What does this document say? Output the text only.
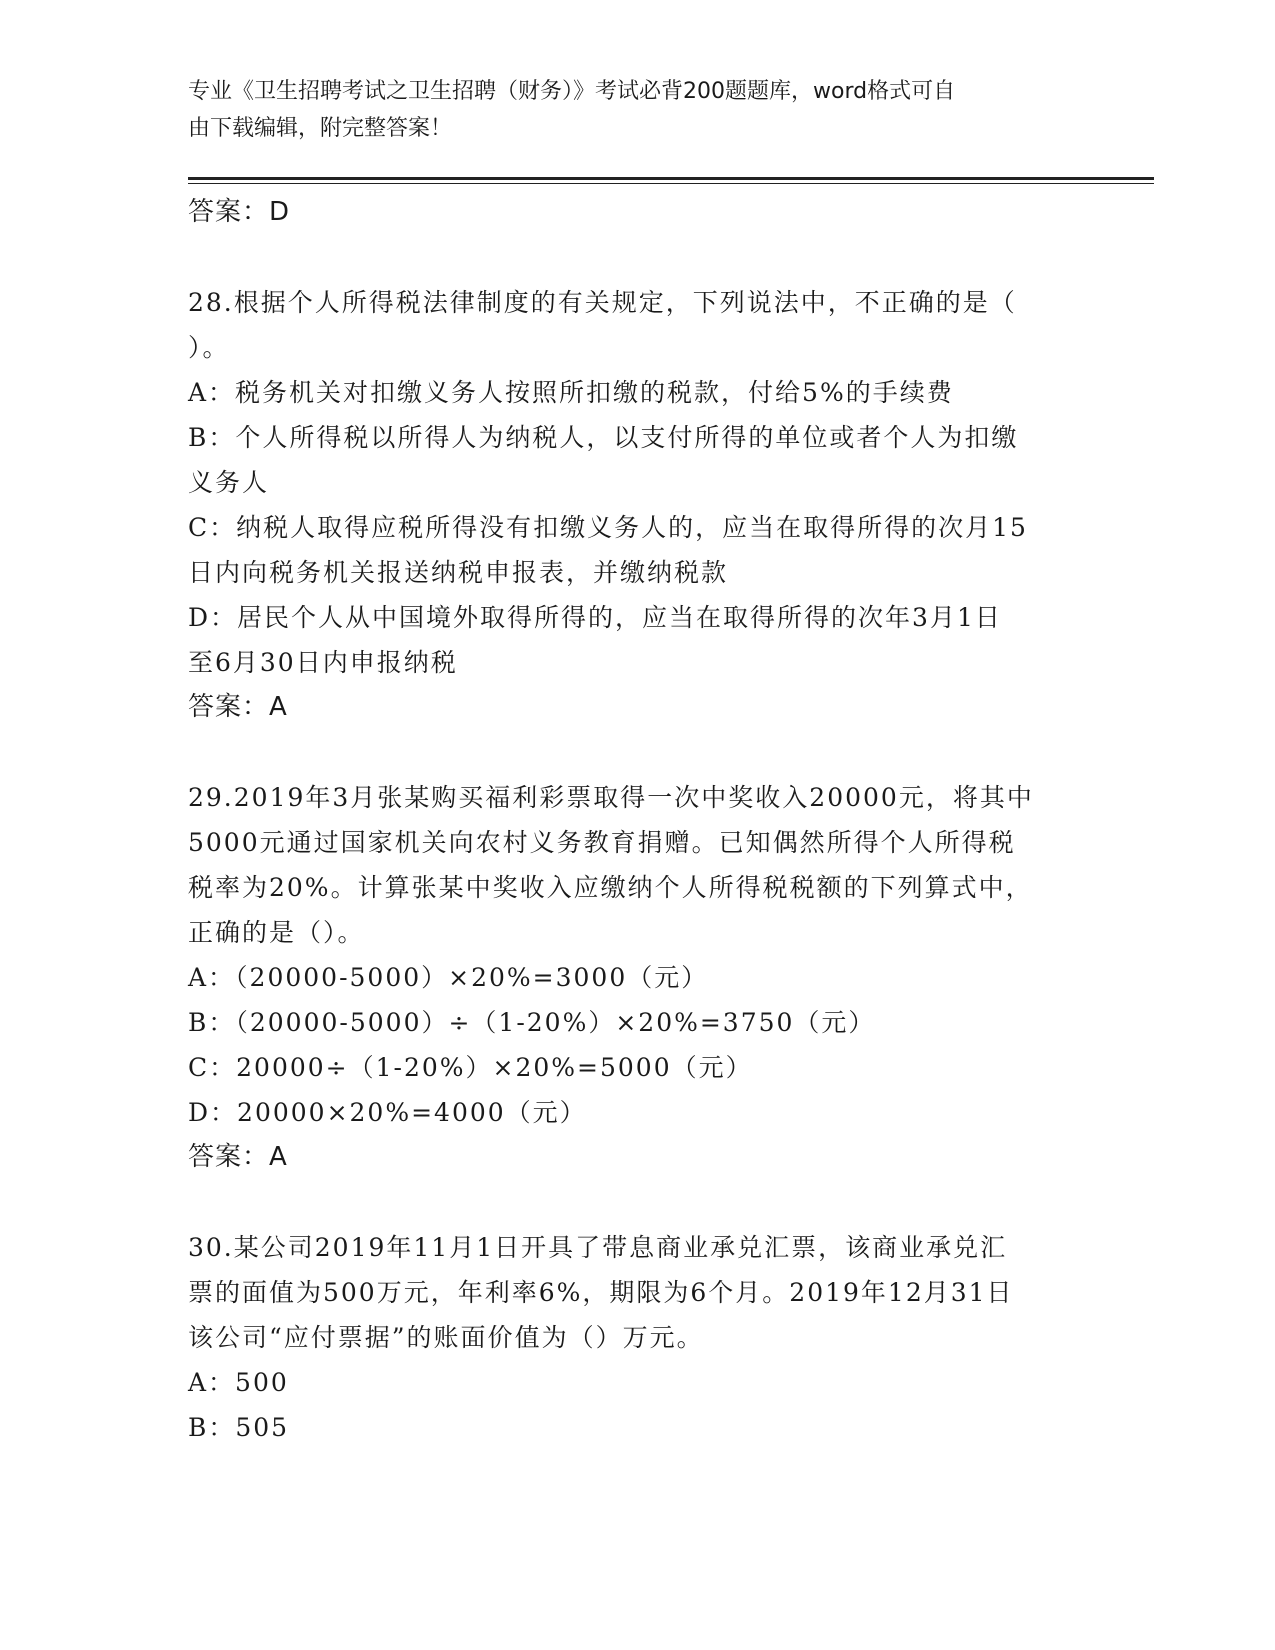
专业《卫生招聘考试之卫生招聘（财务）》考试必背200题题库，word格式可自
由下载编辑，附完整答案！
答案：D
28.根据个人所得税法律制度的有关规定，下列说法中，不正确的是（
）。
A：税务机关对扣缴义务人按照所扣缴的税款，付给5%的手续费
B：个人所得税以所得人为纳税人，以支付所得的单位或者个人为扣缴
义务人
C：纳税人取得应税所得没有扣缴义务人的，应当在取得所得的次月15
日内向税务机关报送纳税申报表，并缴纳税款
D：居民个人从中国境外取得所得的，应当在取得所得的次年3月1日
至6月30日内申报纳税
答案：A
29.2019年3月张某购买福利彩票取得一次中奖收入20000元，将其中
5000元通过国家机关向农村义务教育捐赠。已知偶然所得个人所得税
税率为20%。计算张某中奖收入应缴纳个人所得税税额的下列算式中，
正确的是（）。
A：（20000-5000）×20%=3000（元）
B：（20000-5000）÷（1-20%）×20%=3750（元）
C：20000÷（1-20%）×20%=5000（元）
D：20000×20%=4000（元）
答案：A
30.某公司2019年11月1日开具了带息商业承兑汇票，该商业承兑汇
票的面值为500万元，年利率6%，期限为6个月。2019年12月31日
该公司“应付票据”的账面价值为（）万元。
A：500
B：505
